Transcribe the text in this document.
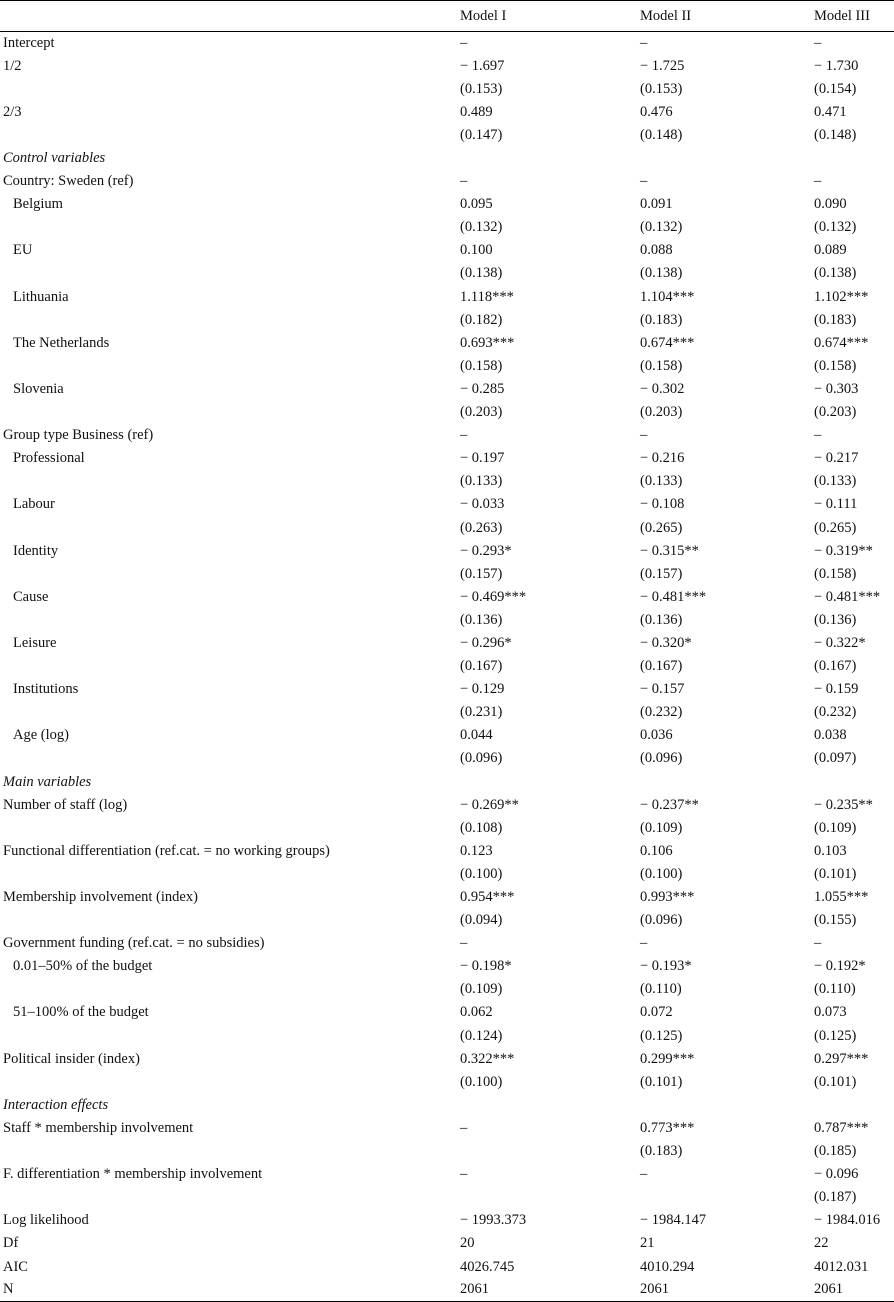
	Model I	Model II	Model III
Intercept	–	–	–
1/2	− 1.697	− 1.725	− 1.730
	(0.153)	(0.153)	(0.154)
2/3	0.489	0.476	0.471
	(0.147)	(0.148)	(0.148)
Control variables			
Country: Sweden (ref)	–	–	–
Belgium	0.095	0.091	0.090
	(0.132)	(0.132)	(0.132)
EU	0.100	0.088	0.089
	(0.138)	(0.138)	(0.138)
Lithuania	1.118***	1.104***	1.102***
	(0.182)	(0.183)	(0.183)
The Netherlands	0.693***	0.674***	0.674***
	(0.158)	(0.158)	(0.158)
Slovenia	− 0.285	− 0.302	− 0.303
	(0.203)	(0.203)	(0.203)
Group type Business (ref)	–	–	–
Professional	− 0.197	− 0.216	− 0.217
	(0.133)	(0.133)	(0.133)
Labour	− 0.033	− 0.108	− 0.111
	(0.263)	(0.265)	(0.265)
Identity	− 0.293*	− 0.315**	− 0.319**
	(0.157)	(0.157)	(0.158)
Cause	− 0.469***	− 0.481***	− 0.481***
	(0.136)	(0.136)	(0.136)
Leisure	− 0.296*	− 0.320*	− 0.322*
	(0.167)	(0.167)	(0.167)
Institutions	− 0.129	− 0.157	− 0.159
	(0.231)	(0.232)	(0.232)
Age (log)	0.044	0.036	0.038
	(0.096)	(0.096)	(0.097)
Main variables			
Number of staff (log)	− 0.269**	− 0.237**	− 0.235**
	(0.108)	(0.109)	(0.109)
Functional differentiation (ref.cat. = no working groups)	0.123	0.106	0.103
	(0.100)	(0.100)	(0.101)
Membership involvement (index)	0.954***	0.993***	1.055***
	(0.094)	(0.096)	(0.155)
Government funding (ref.cat. = no subsidies)	–	–	–
0.01–50% of the budget	− 0.198*	− 0.193*	− 0.192*
	(0.109)	(0.110)	(0.110)
51–100% of the budget	0.062	0.072	0.073
	(0.124)	(0.125)	(0.125)
Political insider (index)	0.322***	0.299***	0.297***
	(0.100)	(0.101)	(0.101)
Interaction effects			
Staff * membership involvement	–	0.773***	0.787***
		(0.183)	(0.185)
F. differentiation * membership involvement	–	–	− 0.096
			(0.187)
Log likelihood	− 1993.373	− 1984.147	− 1984.016
Df	20	21	22
AIC	4026.745	4010.294	4012.031
N	2061	2061	2061
